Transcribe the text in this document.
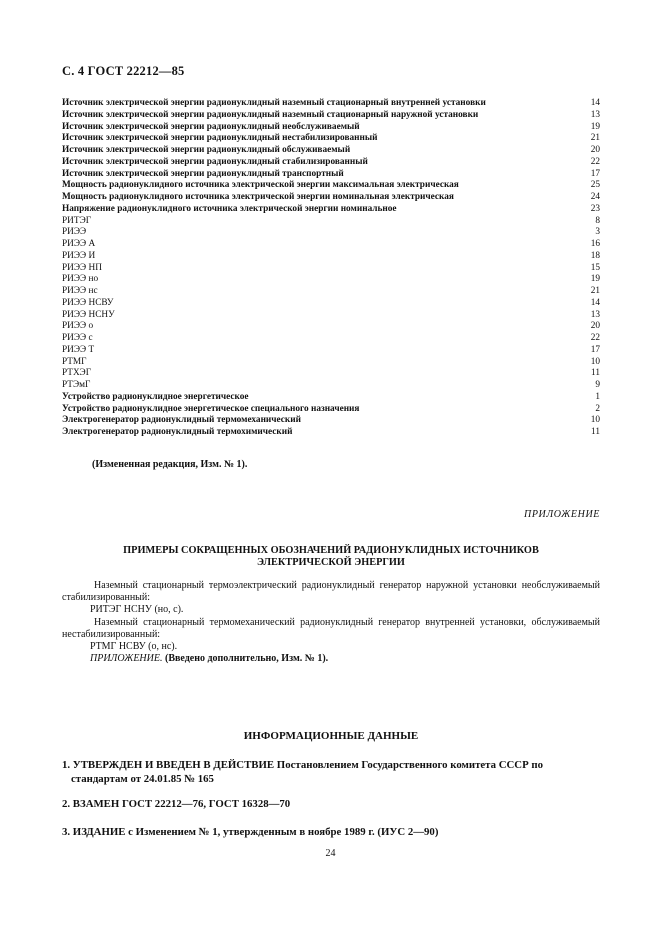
С. 4 ГОСТ 22212—85
Источник электрической энергии радионуклидный наземный стационарный внутренней установки	14
Источник электрической энергии радионуклидный наземный стационарный наружной установки	13
Источник электрической энергии радионуклидный необслуживаемый	19
Источник электрической энергии радионуклидный нестабилизированный	21
Источник электрической энергии радионуклидный обслуживаемый	20
Источник электрической энергии радионуклидный стабилизированный	22
Источник электрической энергии радионуклидный транспортный	17
Мощность радионуклидного источника электрической энергии максимальная электрическая	25
Мощность радионуклидного источника электрической энергии номинальная электрическая	24
Напряжение радионуклидного источника электрической энергии номинальное	23
РИТЭГ	8
РИЭЭ	3
РИЭЭ А	16
РИЭЭ И	18
РИЭЭ НП	15
РИЭЭ но	19
РИЭЭ нс	21
РИЭЭ НСВУ	14
РИЭЭ НСНУ	13
РИЭЭ о	20
РИЭЭ с	22
РИЭЭ Т	17
РТМГ	10
РТХЭГ	11
РТЭмГ	9
Устройство радионуклидное энергетическое	1
Устройство радионуклидное энергетическое специального назначения	2
Электрогенератор радионуклидный термомеханический	10
Электрогенератор радионуклидный термохимический	11
(Измененная редакция, Изм. № 1).
ПРИЛОЖЕНИЕ
ПРИМЕРЫ СОКРАЩЕННЫХ ОБОЗНАЧЕНИЙ РАДИОНУКЛИДНЫХ ИСТОЧНИКОВ
ЭЛЕКТРИЧЕСКОЙ ЭНЕРГИИ

Наземный стационарный термоэлектрический радионуклидный генератор наружной установки необслуживаемый стабилизированный:

РИТЭГ НСНУ (но, с).

Наземный стационарный термомеханический радионуклидный генератор внутренней установки, обслуживаемый нестабилизированный:

РТМГ НСВУ (о, нс).

ПРИЛОЖЕНИЕ. (Введено дополнительно, Изм. № 1).

ИНФОРМАЦИОННЫЕ ДАННЫЕ
1. УТВЕРЖДЕН И ВВЕДЕН В ДЕЙСТВИЕ Постановлением Государственного комитета СССР по
стандартам от 24.01.85 № 165
2. ВЗАМЕН ГОСТ 22212—76, ГОСТ 16328—70
3. ИЗДАНИЕ с Изменением № 1, утвержденным в ноябре 1989 г. (ИУС 2—90)
24
